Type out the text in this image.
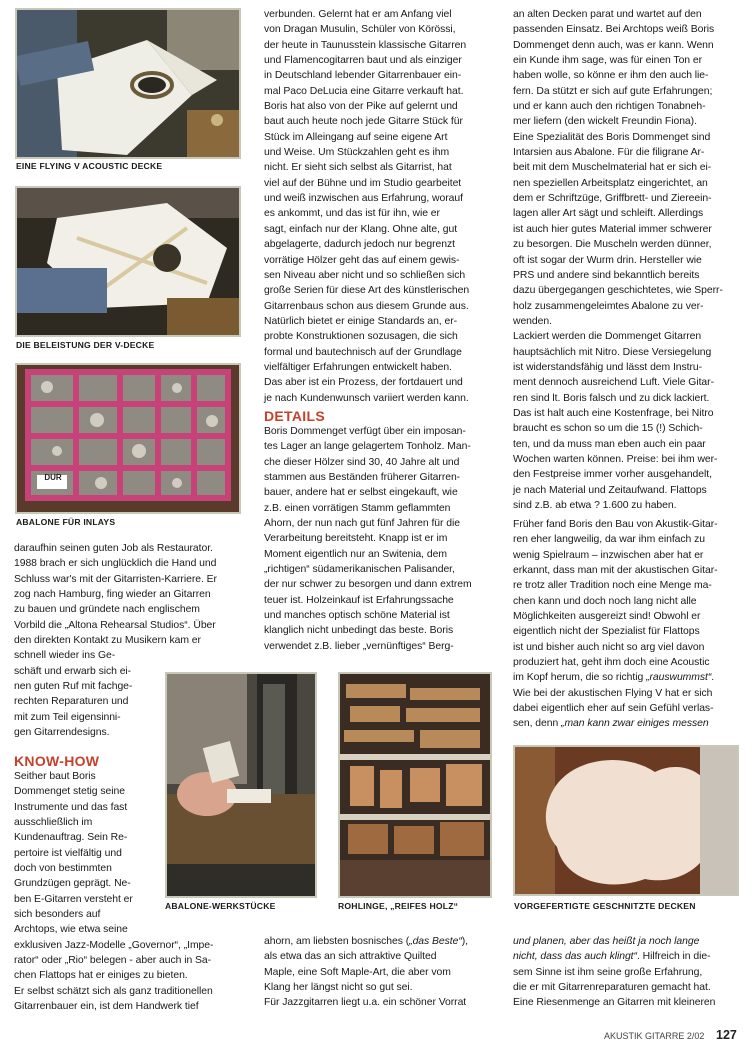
EINE FLYING V ACOUSTIC DECKE
DIE BELEISTUNG DER V-DECKE
DUR
ABALONE FÜR INLAYS
ABALONE-WERKSTÜCKE	ROHLINGE, „REIFES HOLZ“	VORGEFERTIGTE GESCHNITZTE DECKEN
daraufhin seinen guten Job als Restaurator.
1988 brach er sich unglücklich die Hand und
Schluss war's mit der Gitarristen-Karriere. Er
zog nach Hamburg, fing wieder an Gitarren
zu bauen und gründete nach englischem
Vorbild die „Altona Rehearsal Studios“. Über
den direkten Kontakt zu Musikern kam er
schnell wieder ins Ge-
schäft und erwarb sich ei-
nen guten Ruf mit fachge-
rechten Reparaturen und
mit zum Teil eigensinni-
gen Gitarrendesigns.
KNOW-HOW
Seither baut Boris
Dommenget stetig seine
Instrumente und das fast
ausschließlich im
Kundenauftrag. Sein Re-
pertoire ist vielfältig und
doch von bestimmten
Grundzügen geprägt. Ne-
ben E-Gitarren versteht er
sich besonders auf
Archtops, wie etwa seine
exklusiven Jazz-Modelle „Governor“, „Impe-
rator“ oder „Rio“ belegen - aber auch in Sa-
chen Flattops hat er einiges zu bieten.
Er selbst schätzt sich als ganz traditionellen
Gitarrenbauer ein, ist dem Handwerk tief
verbunden. Gelernt hat er am Anfang viel
von Dragan Musulin, Schüler von Körössi,
der heute in Taunusstein klassische Gitarren
und Flamencogitarren baut und als einziger
in Deutschland lebender Gitarrenbauer ein-
mal Paco DeLucia eine Gitarre verkauft hat.
Boris hat also von der Pike auf gelernt und
baut auch heute noch jede Gitarre Stück für
Stück im Alleingang auf seine eigene Art
und Weise. Um Stückzahlen geht es ihm
nicht. Er sieht sich selbst als Gitarrist, hat
viel auf der Bühne und im Studio gearbeitet
und weiß inzwischen aus Erfahrung, worauf
es ankommt, und das ist für ihn, wie er
sagt, einfach nur der Klang. Ohne alte, gut
abgelagerte, dadurch jedoch nur begrenzt
vorrätige Hölzer geht das auf einem gewis-
sen Niveau aber nicht und so schließen sich
große Serien für diese Art des künstlerischen
Gitarrenbaus schon aus diesem Grunde aus.
Natürlich bietet er einige Standards an, er-
probte Konstruktionen sozusagen, die sich
formal und bautechnisch auf der Grundlage
vielfältiger Erfahrungen entwickelt haben.
Das aber ist ein Prozess, der fortdauert und
je nach Kundenwunsch variiert werden kann.
DETAILS
Boris Dommenget verfügt über ein imposan-
tes Lager an lange gelagertem Tonholz. Man-
che dieser Hölzer sind 30, 40 Jahre alt und
stammen aus Beständen früherer Gitarren-
bauer, andere hat er selbst eingekauft, wie
z.B. einen vorrätigen Stamm geflammten
Ahorn, der nun nach gut fünf Jahren für die
Verarbeitung bereitsteht. Knapp ist er im
Moment eigentlich nur an Switenia, dem
„richtigen“ südamerikanischen Palisander,
der nur schwer zu besorgen und dann extrem
teuer ist. Holzeinkauf ist Erfahrungssache
und manches optisch schöne Material ist
klanglich nicht unbedingt das beste. Boris
verwendet z.B. lieber „vernünftiges“ Berg-
ahorn, am liebsten bosnisches („das Beste“),
als etwa das an sich attraktive Quilted
Maple, eine Soft Maple-Art, die aber vom
Klang her längst nicht so gut sei.
Für Jazzgitarren liegt u.a. ein schöner Vorrat
an alten Decken parat und wartet auf den
passenden Einsatz. Bei Archtops weiß Boris
Dommenget denn auch, was er kann. Wenn
ein Kunde ihm sage, was für einen Ton er
haben wolle, so könne er ihm den auch lie-
fern. Da stützt er sich auf gute Erfahrungen;
und er kann auch den richtigen Tonabneh-
mer liefern (den wickelt Freundin Fiona).
Eine Spezialität des Boris Dommenget sind
Intarsien aus Abalone. Für die filigrane Ar-
beit mit dem Muschelmaterial hat er sich ei-
nen speziellen Arbeitsplatz eingerichtet, an
dem er Schriftzüge, Griffbrett- und Ziereein-
lagen aller Art sägt und schleift. Allerdings
ist auch hier gutes Material immer schwerer
zu besorgen. Die Muscheln werden dünner,
oft ist sogar der Wurm drin. Hersteller wie
PRS und andere sind bekanntlich bereits
dazu übergegangen geschichtetes, wie Sperr-
holz zusammengeleimtes Abalone zu ver-
wenden.
Lackiert werden die Dommenget Gitarren
hauptsächlich mit Nitro. Diese Versiegelung
ist widerstandsfähig und lässt dem Instru-
ment dennoch ausreichend Luft. Viele Gitar-
ren sind lt. Boris falsch und zu dick lackiert.
Das ist halt auch eine Kostenfrage, bei Nitro
braucht es schon so um die 15 (!) Schich-
ten, und da muss man eben auch ein paar
Wochen warten können. Preise: bei ihm wer-
den Festpreise immer vorher ausgehandelt,
je nach Material und Zeitaufwand. Flattops
sind z.B. ab etwa ? 1.600 zu haben.
Früher fand Boris den Bau von Akustik-Gitar-
ren eher langweilig, da war ihm einfach zu
wenig Spielraum – inzwischen aber hat er
erkannt, dass man mit der akustischen Gitar-
re trotz aller Tradition noch eine Menge ma-
chen kann und doch noch lang nicht alle
Möglichkeiten ausgereizt sind! Obwohl er
eigentlich nicht der Spezialist für Flattops
ist und bisher auch nicht so arg viel davon
produziert hat, geht ihm doch eine Acoustic
im Kopf herum, die so richtig „rauswummst“.
Wie bei der akustischen Flying V hat er sich
dabei eigentlich eher auf sein Gefühl verlas-
sen, denn „man kann zwar einiges messen
und planen, aber das heißt ja noch lange
nicht, dass das auch klingt“. Hilfreich in die-
sem Sinne ist ihm seine große Erfahrung,
die er mit Gitarrenreparaturen gemacht hat.
Eine Riesenmenge an Gitarren mit kleineren
AKUSTIK GITARRE 2/02 127
